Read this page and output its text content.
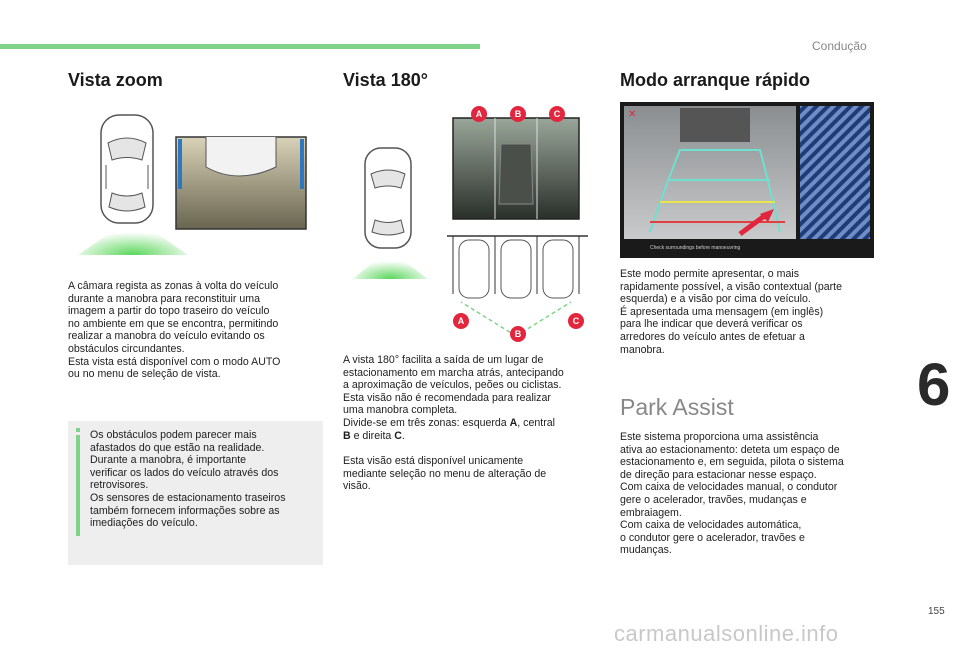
Condução
Vista zoom
A câmara regista as zonas à volta do veículo
durante a manobra para reconstituir uma
imagem a partir do topo traseiro do veículo
no ambiente em que se encontra, permitindo
realizar a manobra do veículo evitando os
obstáculos circundantes.
Esta vista está disponível com o modo AUTO
ou no menu de seleção de vista.
Os obstáculos podem parecer mais
afastados do que estão na realidade.
Durante a manobra, é importante
verificar os lados do veículo através dos
retrovisores.
Os sensores de estacionamento traseiros
também fornecem informações sobre as
imediações do veículo.
Vista 180°
A	B	C
A
B
C
A vista 180° facilita a saída de um lugar de
estacionamento em marcha atrás, antecipando
a aproximação de veículos, peões ou ciclistas.
Esta visão não é recomendada para realizar
uma manobra completa.
Divide-se em três zonas: esquerda A, central
B e direita C.
Esta visão está disponível unicamente
mediante seleção no menu de alteração de
visão.
Modo arranque rápido
✕
Check surroundings before manoeuvring
Este modo permite apresentar, o mais
rapidamente possível, a visão contextual (parte
esquerda) e a visão por cima do veículo.
É apresentada uma mensagem (em inglês)
para lhe indicar que deverá verificar os
arredores do veículo antes de efetuar a
manobra.
Park Assist
Este sistema proporciona uma assistência
ativa ao estacionamento: deteta um espaço de
estacionamento e, em seguida, pilota o sistema
de direção para estacionar nesse espaço.
Com caixa de velocidades manual, o condutor
gere o acelerador, travões, mudanças e
embraiagem.
Com caixa de velocidades automática,
o condutor gere o acelerador, travões e
mudanças.
6
155
carmanualsonline.info
